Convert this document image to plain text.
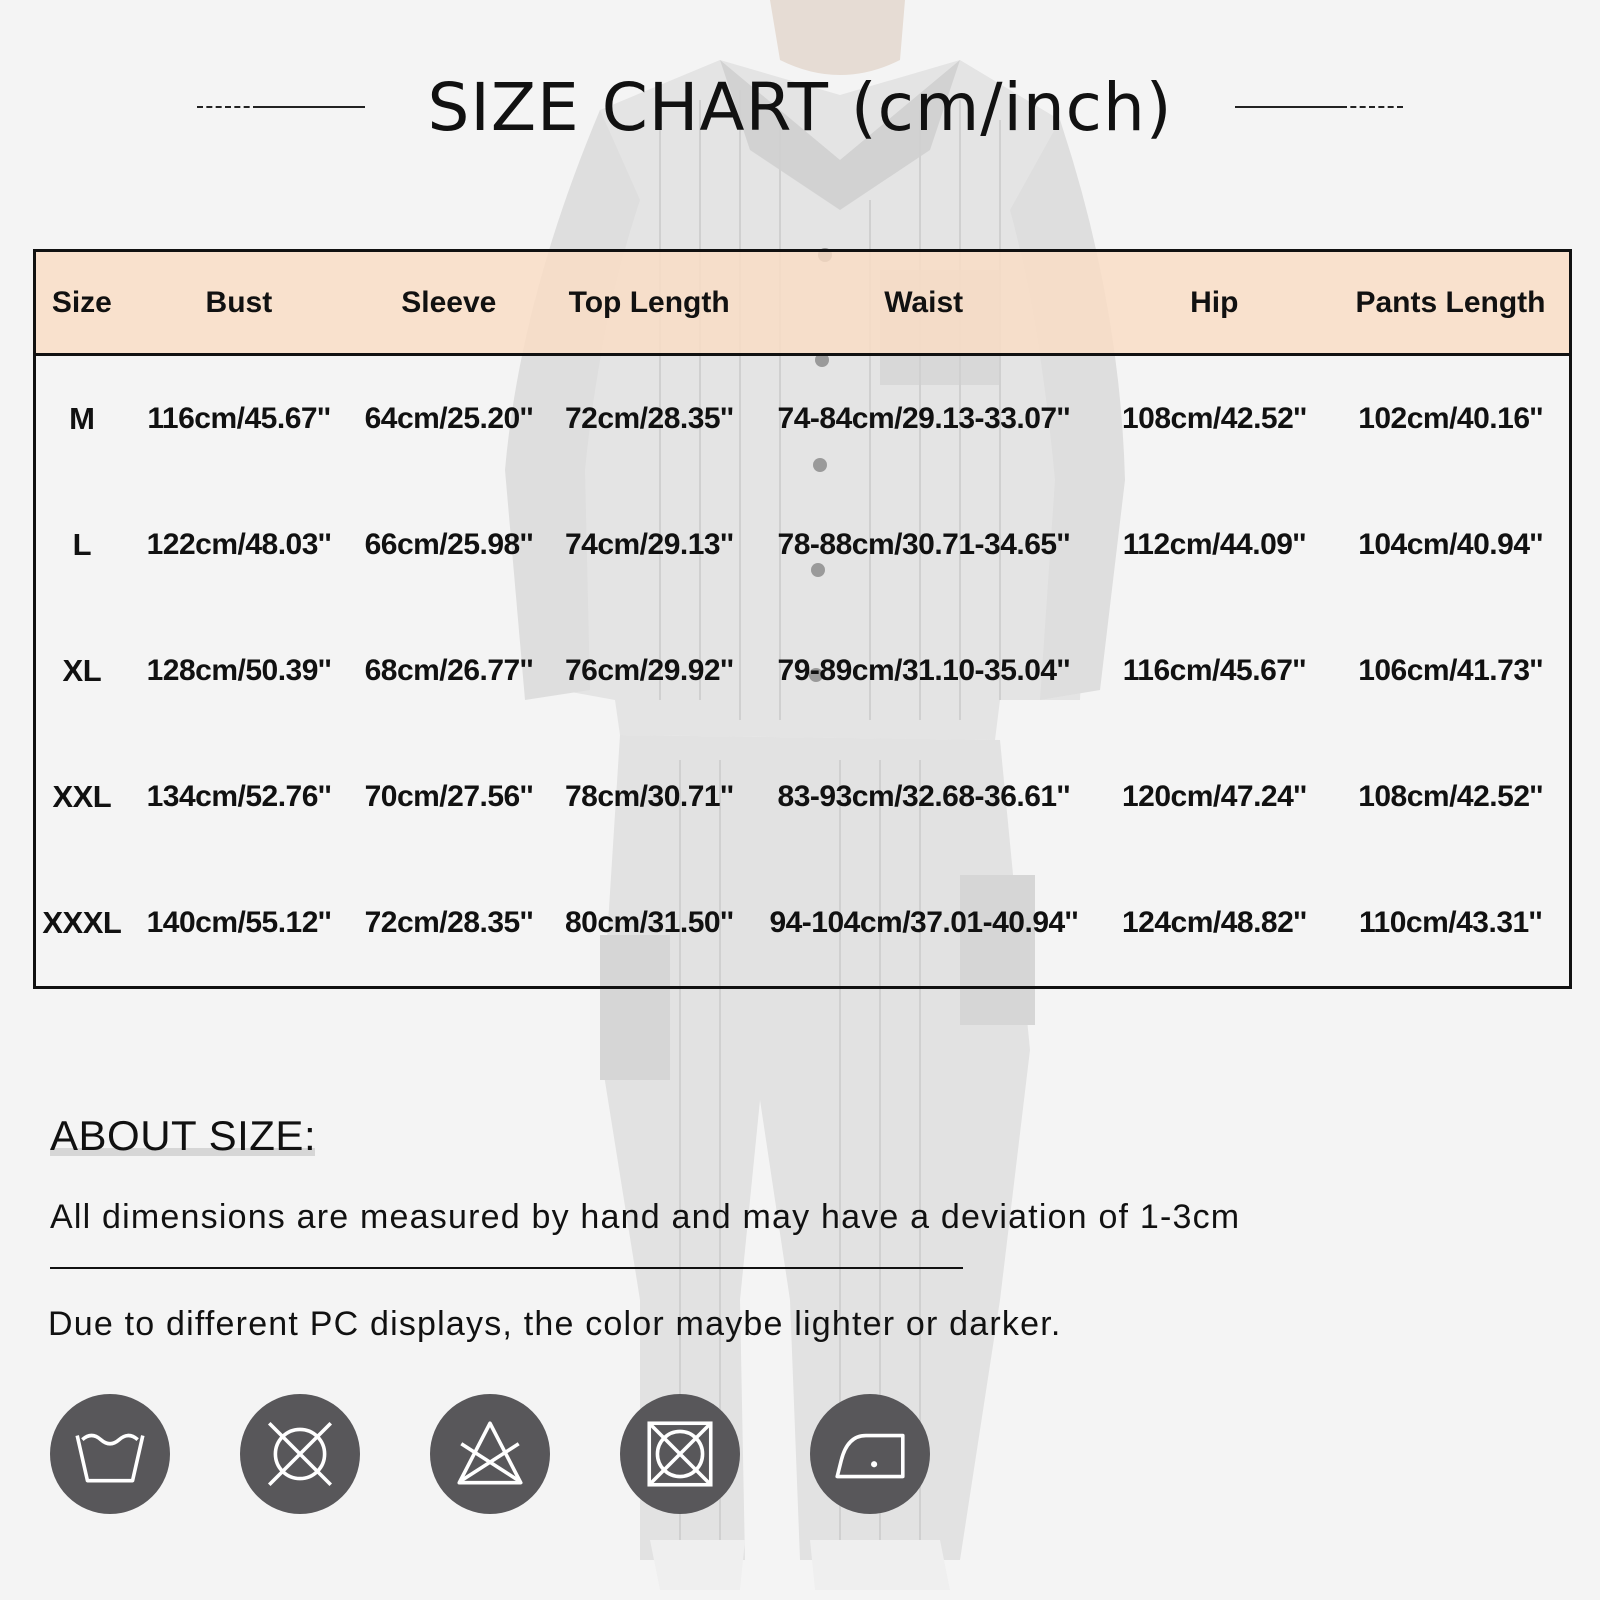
SIZE CHART (cm/inch)
Size	Bust	Sleeve	Top Length	Waist	Hip	Pants Length
M	116cm/45.67''	64cm/25.20''	72cm/28.35''	74-84cm/29.13-33.07''	108cm/42.52''	102cm/40.16''
L	122cm/48.03''	66cm/25.98''	74cm/29.13''	78-88cm/30.71-34.65''	112cm/44.09''	104cm/40.94''
XL	128cm/50.39''	68cm/26.77''	76cm/29.92''	79-89cm/31.10-35.04''	116cm/45.67''	106cm/41.73''
XXL	134cm/52.76''	70cm/27.56''	78cm/30.71''	83-93cm/32.68-36.61''	120cm/47.24''	108cm/42.52''
XXXL	140cm/55.12''	72cm/28.35''	80cm/31.50''	94-104cm/37.01-40.94''	124cm/48.82''	110cm/43.31''
ABOUT SIZE:
All dimensions are measured by hand and may have a deviation of 1-3cm
Due to different PC displays, the color maybe lighter or darker.
